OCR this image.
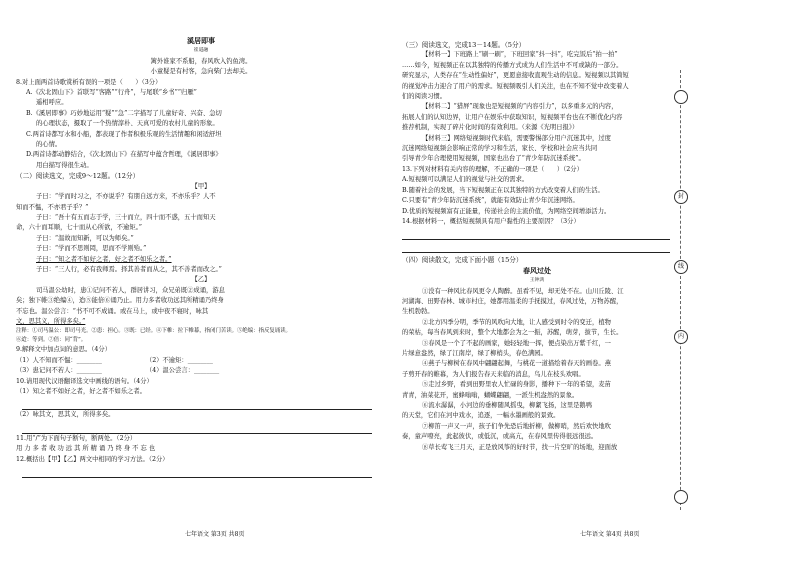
溪居即事
崔道融
篱外谁家不系船，春风吹入钓鱼湾。
小童疑是有村客，急向柴门去却关。
8.对上面两首诗歌赏析有误的一项是（　　）（3分）
A.《次北固山下》首联写“客路”“行舟”，与尾联“乡书”“归雁”
遥相呼应。
B.《溪居即事》巧妙地运用“疑”“急”二字描写了儿童好奇、兴奋、急切
的心理状态，摄取了一个热情淳朴、天真可爱的农村儿童的形象。
C.两首诗都写水和小船，都表现了作者积极乐观的生活情趣和闲适舒坦
的心情。
D.两首诗都动静结合，《次北固山下》在描写中蕴含哲理，《溪居即事》
用白描写得很生动。
（二）阅读选文，完成9～12题。（12分）
【甲】
子曰：“学而时习之，不亦说乎？有朋自远方来，不亦乐乎？人不
知而不愠，不亦君子乎？”
子曰：“吾十有五而志于学，三十而立，四十而不惑，五十而知天
命，六十而耳顺，七十而从心所欲，不逾矩。”
子曰：“温故而知新，可以为师矣。”
子曰：“学而不思则罔，思而不学则殆。”
子曰：“知之者不如好之者，好之者不如乐之者。”
子曰：“三人行，必有我师焉。择其善者而从之，其不善者而改之。”
【乙】
司马温公幼时，患①记问不若人，群居讲习，众兄弟既②成诵，游息
矣；独下帷③绝编④，迨⑤能倍⑥诵乃止。用力多者收功远其所精诵乃终身
不忘也。温公尝言：“书不可不成诵。或在马上，或中夜不寝时，咏其
文，思其义，所得多矣。”
注释：①司马温公：即司马光。②患：担心。③既：已经。④下帷：拉下帷幕，指闭门苦读。⑤绝编：指反复诵读。
⑥迨：等到。⑦倍：同“背”。
9.解释文中加点词的意思。（4分）
（1）人不知而不愠：________	（2）不逾矩：________
（3）患记问不若人：________	（4）温公尝言：________
10.请用现代汉语翻译选文中画线的语句。（4分）
（1）知之者不如好之者，好之者不如乐之者。
（2）咏其文，思其义，所得多矣。
11.用“/”为下面句子断句，断两处。（2分）
用 力 多 者 收 功 远 其 所 精 诵 乃 终 身 不 忘 也
12.概括出【甲】【乙】两文中相同的学习方法。（2分）
七年语文 第3页 共8页
（三）阅读选文，完成13－14题。（5分）
【材料一】下班路上“刷一刷”，下班回家“抖一抖”，吃完饭后“拍一拍”
……如今，短视频正在以其独特的传播方式成为人们生活中不可或缺的一部分。
研究显示，人类存在“生动性偏好”，更愿意接收直观生动的信息。短视频以其简短
的视觉冲击力迎合了用户的需求。短视频吸引人们关注，也在不知不觉中改变着人
们的阅读习惯。
【材料二】“猎屏”现象也是短视频的“内容引力”，以多重多元的内容，
拓展人们的认知边界，让用户在娱乐中获取知识，短视频平台也在不断优化内容
推荐机制，实现了碎片化时间的有效利用。（来源《光明日报》）
【材料三】网络短视频时代来临，需要警惕部分用户沉迷其中，过度
沉迷网络短视频会影响正常的学习和生活，家长、学校和社会应当共同
引导青少年合理使用短视频，国家也出台了“青少年防沉迷系统”。
13.下列对材料有关内容的理解，不正确的一项是（　　）（2分）
A.短视频可以满足人们的视觉与社交的需求。
B.随着社会的发展，当下短视频正在以其独特的方式改变着人们的生活。
C.只要有“青少年防沉迷系统”，就能有效防止青少年沉迷网络。
D.优质的短视频富有正能量，传递社会的主流价值，为网络空间增添活力。
14.根据材料一，概括短视频具有用户黏性的主要原因？（3分）
（四）阅读散文，完成下面小题（15分）
春风过处
王钟鸿
①没有一种风比春风更令人陶醉。虽看不见，却无处不在。山川丘陵、江
河湖海、田野春林、城市村庄，她都用温柔的手抚摸过，春风过处，万物苏醒，
生机勃勃。
②北方四季分明，季节的风吹向大地，让人感受到时令的变迁，植物
的荣枯，每当春风到来时，整个大地都会为之一振，苏醒，萌芽，拔节，生长。
③春风是一个了不起的画家，她轻轻地一挥，便点染出万紫千红，一
片绿意盎然，绿了江南岸，绿了柳梢头，春色满园。
④燕子与柳树在春风中翩翩起舞，与桃花一道描绘着春天的画卷。燕
子剪开春的帷幕，为人们报告春天来临的消息，鸟儿在枝头欢唱。
⑤走过乡野，看到田野里农人忙碌的身影，播种下一年的希望，麦苗
青青，油菜花开，蜜蜂嗡嗡，蝴蝶翩翩，一派生机盎然的景象。
⑥流水潺潺，小河边的垂柳随风摇曳，柳絮飞扬，这里是鹅鸭
的天堂，它们在河中戏水，追逐，一幅水墨画般的景致。
⑦柳笛一声又一声，孩子们争先恐后地折柳，做柳哨，然后欢快地吹
奏，童声嘹亮，此起彼伏，或低沉，或高亢，在春风里传得很远很远。
⑧草长莺飞三月天，正是放风筝的好时节，找一片空旷的场地，迎面放
七年语文 第4页 共8页
封
线
内
